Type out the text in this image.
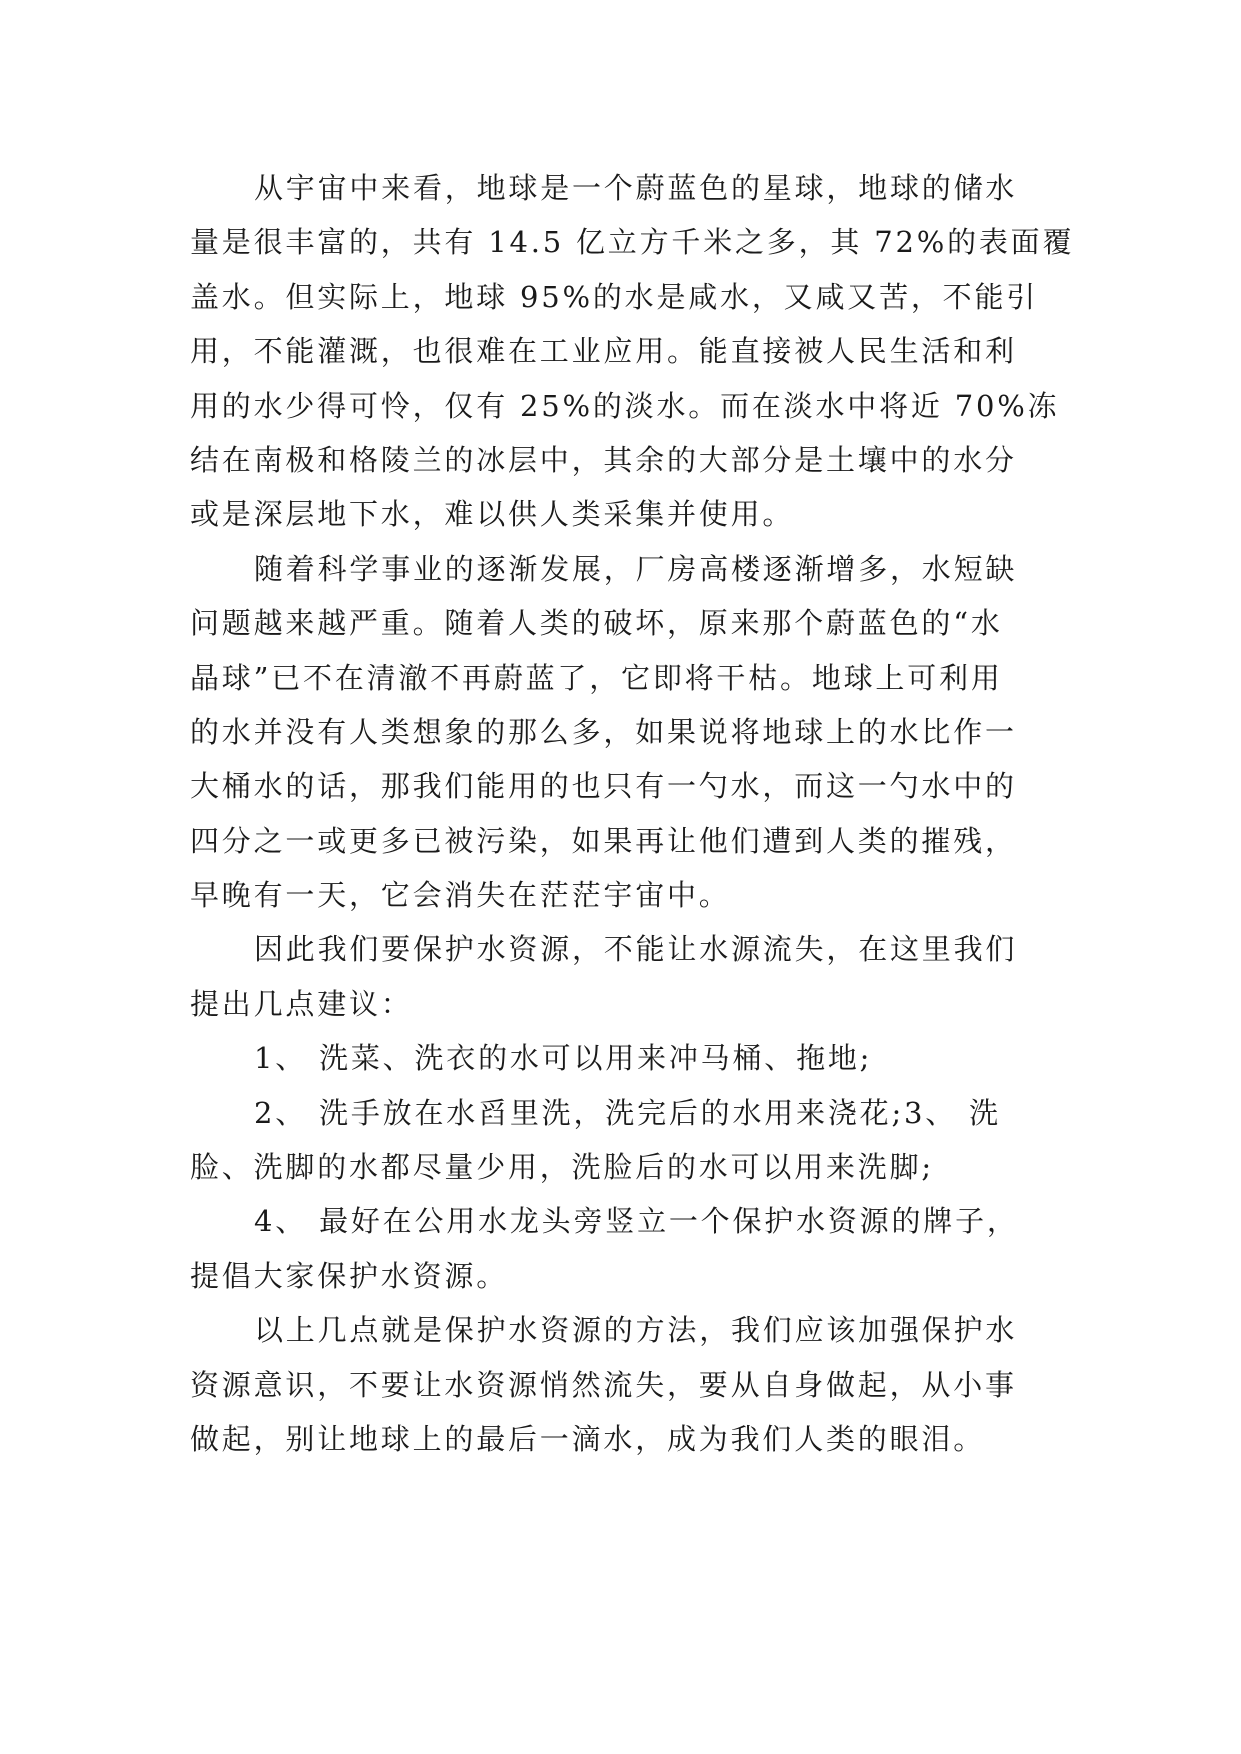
从宇宙中来看，地球是一个蔚蓝色的星球，地球的储水
量是很丰富的，共有 14.5 亿立方千米之多，其 72%的表面覆
盖水。但实际上，地球 95%的水是咸水，又咸又苦，不能引
用，不能灌溉，也很难在工业应用。能直接被人民生活和利
用的水少得可怜，仅有 25%的淡水。而在淡水中将近 70%冻
结在南极和格陵兰的冰层中，其余的大部分是土壤中的水分
或是深层地下水，难以供人类采集并使用。
随着科学事业的逐渐发展，厂房高楼逐渐增多，水短缺
问题越来越严重。随着人类的破坏，原来那个蔚蓝色的“水
晶球”已不在清澈不再蔚蓝了，它即将干枯。地球上可利用
的水并没有人类想象的那么多，如果说将地球上的水比作一
大桶水的话，那我们能用的也只有一勺水，而这一勺水中的
四分之一或更多已被污染，如果再让他们遭到人类的摧残，
早晚有一天，它会消失在茫茫宇宙中。
因此我们要保护水资源，不能让水源流失，在这里我们
提出几点建议：
1、 洗菜、洗衣的水可以用来冲马桶、拖地;
2、 洗手放在水舀里洗，洗完后的水用来浇花;3、 洗
脸、洗脚的水都尽量少用，洗脸后的水可以用来洗脚;
4、 最好在公用水龙头旁竖立一个保护水资源的牌子，
提倡大家保护水资源。
以上几点就是保护水资源的方法，我们应该加强保护水
资源意识，不要让水资源悄然流失，要从自身做起，从小事
做起，别让地球上的最后一滴水，成为我们人类的眼泪。
